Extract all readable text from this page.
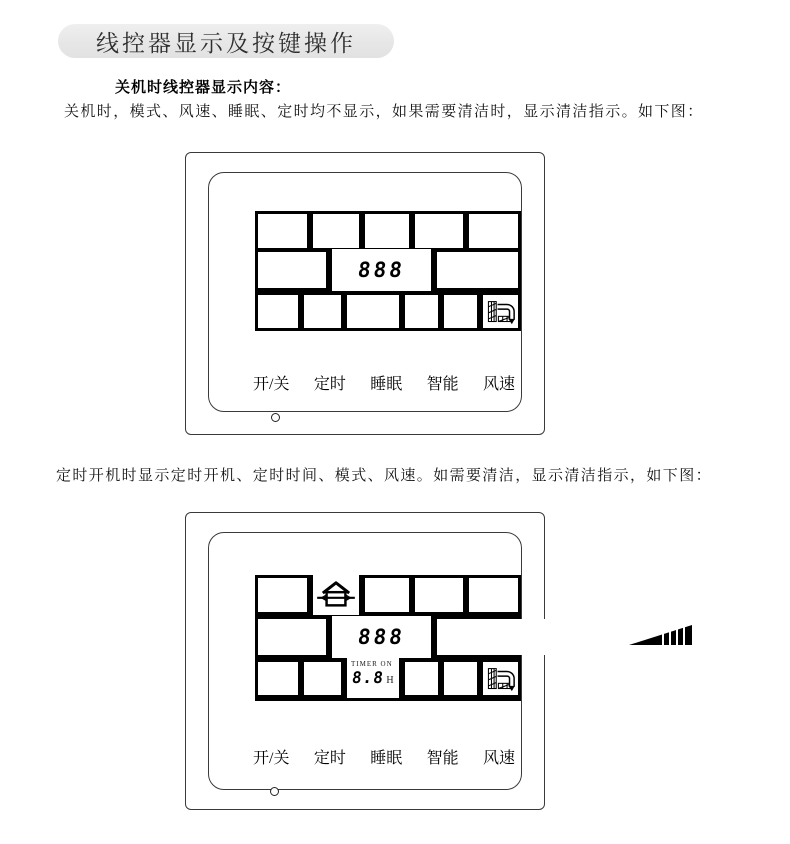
线控器显示及按键操作
关机时线控器显示内容：
关机时，模式、风速、睡眠、定时均不显示，如果需要清洁时，显示清洁指示。如下图：
888
开/关 定时 睡眠 智能 风速
定时开机时显示定时开机、定时时间、模式、风速。如需要清洁，显示清洁指示，如下图：
888
TIMER ON
8.8 H
开/关 定时 睡眠 智能 风速
